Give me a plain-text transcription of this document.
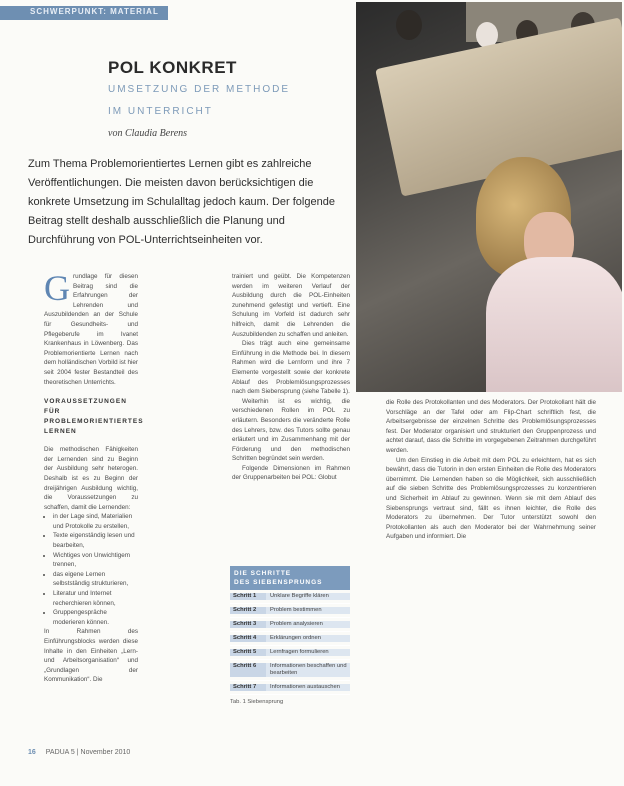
SCHWERPUNKT: MATERIAL
POL KONKRET
UMSETZUNG DER METHODE
IM UNTERRICHT
von Claudia Berens

Zum Thema Problemorientiertes Lernen gibt es zahlreiche Veröffentlichungen. Die meisten davon berücksichtigen die konkrete Umsetzung im Schulalltag jedoch kaum. Der folgende Beitrag stellt deshalb ausschließlich die Planung und Durchführung von POL-Unterrichtseinheiten vor.

Grundlage für diesen Beitrag sind die Erfahrungen der Lehrenden und Auszubildenden an der Schule für Gesundheits- und Pflegeberufe im Ivanet Krankenhaus in Löwenberg. Das Problemorientierte Lernen nach dem holländischen Vorbild ist hier seit 2004 fester Bestandteil des theoretischen Unterrichts.

VORAUSSETZUNGEN FÜR

PROBLEMORIENTIERTES

LERNEN

Die methodischen Fähigkeiten der Lernenden sind zu Beginn der Ausbildung sehr heterogen. Deshalb ist es zu Beginn der dreijährigen Ausbildung wichtig, die Voraussetzungen zu schaffen, damit die Lernenden:

• in der Lage sind, Materialien und Protokolle zu erstellen,
• Texte eigenständig lesen und bearbeiten,
• Wichtiges von Unwichtigem trennen,
• das eigene Lernen selbstständig strukturieren,
• Literatur und Internet recherchieren können,
• Gruppengespräche moderieren können.

In Rahmen des Einführungsblocks werden diese Inhalte in den Einheiten „Lern- und Arbeitsorganisation“ und „Grundlagen der Kommunikation“. Die

trainiert und geübt. Die Kompetenzen werden im weiteren Verlauf der Ausbildung durch die POL-Einheiten zunehmend gefestigt und vertieft. Eine Schulung im Vorfeld ist dadurch sehr hilfreich, damit die Lehrenden die Auszubildenden zu schaffen und anleiten.

Dies trägt auch eine gemeinsame Einführung in die Methode bei. In diesem Rahmen wird die Lernform und ihre 7 Elemente vorgestellt sowie der konkrete Ablauf des Problemlösungsprozesses nach dem Siebensprung (siehe Tabelle 1).

Weiterhin ist es wichtig, die verschiedenen Rollen im POL zu erläutern. Besonders die veränderte Rolle des Lehrers, bzw. des Tutors sollte genau erläutert und im Zusammenhang mit der Förderung und den methodischen Schritten begründet sein werden.

Folgende Dimensionen im Rahmen der Gruppenarbeiten bei POL: Globut

DIE SCHRITTE
DES SIEBENSPRUNGS
Schritt 1	Unklare Begriffe klären
Schritt 2	Problem bestimmen
Schritt 3	Problem analysieren
Schritt 4	Erklärungen ordnen
Schritt 5	Lernfragen formulieren
Schritt 6	Informationen beschaffen und bearbeiten
Schritt 7	Informationen austauschen
Tab. 1 Siebensprung

die Rolle des Protokollanten und des Moderators. Der Protokollant hält die Vorschläge an der Tafel oder am Flip-Chart schriftlich fest, die Arbeitsergebnisse der einzelnen Schritte des Problemlösungsprozesses fest. Der Moderator organisiert und strukturiert den Gruppenprozess und achtet darauf, dass die Schritte im vorgegebenen Zeitrahmen durchgeführt werden.

Um den Einstieg in die Arbeit mit dem POL zu erleichtern, hat es sich bewährt, dass die Tutorin in den ersten Einheiten die Rolle des Moderators übernimmt. Die Lernenden haben so die Möglichkeit, sich ausschließlich auf die sieben Schritte des Problemlösungsprozesses zu konzentrieren und Sicherheit im Ablauf zu gewinnen. Wenn sie mit dem Ablauf des Siebensprungs vertraut sind, fällt es ihnen leichter, die Rolle des Moderators zu übernehmen. Der Tutor unterstützt sowohl den Protokollanten als auch den Moderator bei der Wahrnehmung seiner Aufgaben und informiert. Die

16 PADUA 5 | November 2010
